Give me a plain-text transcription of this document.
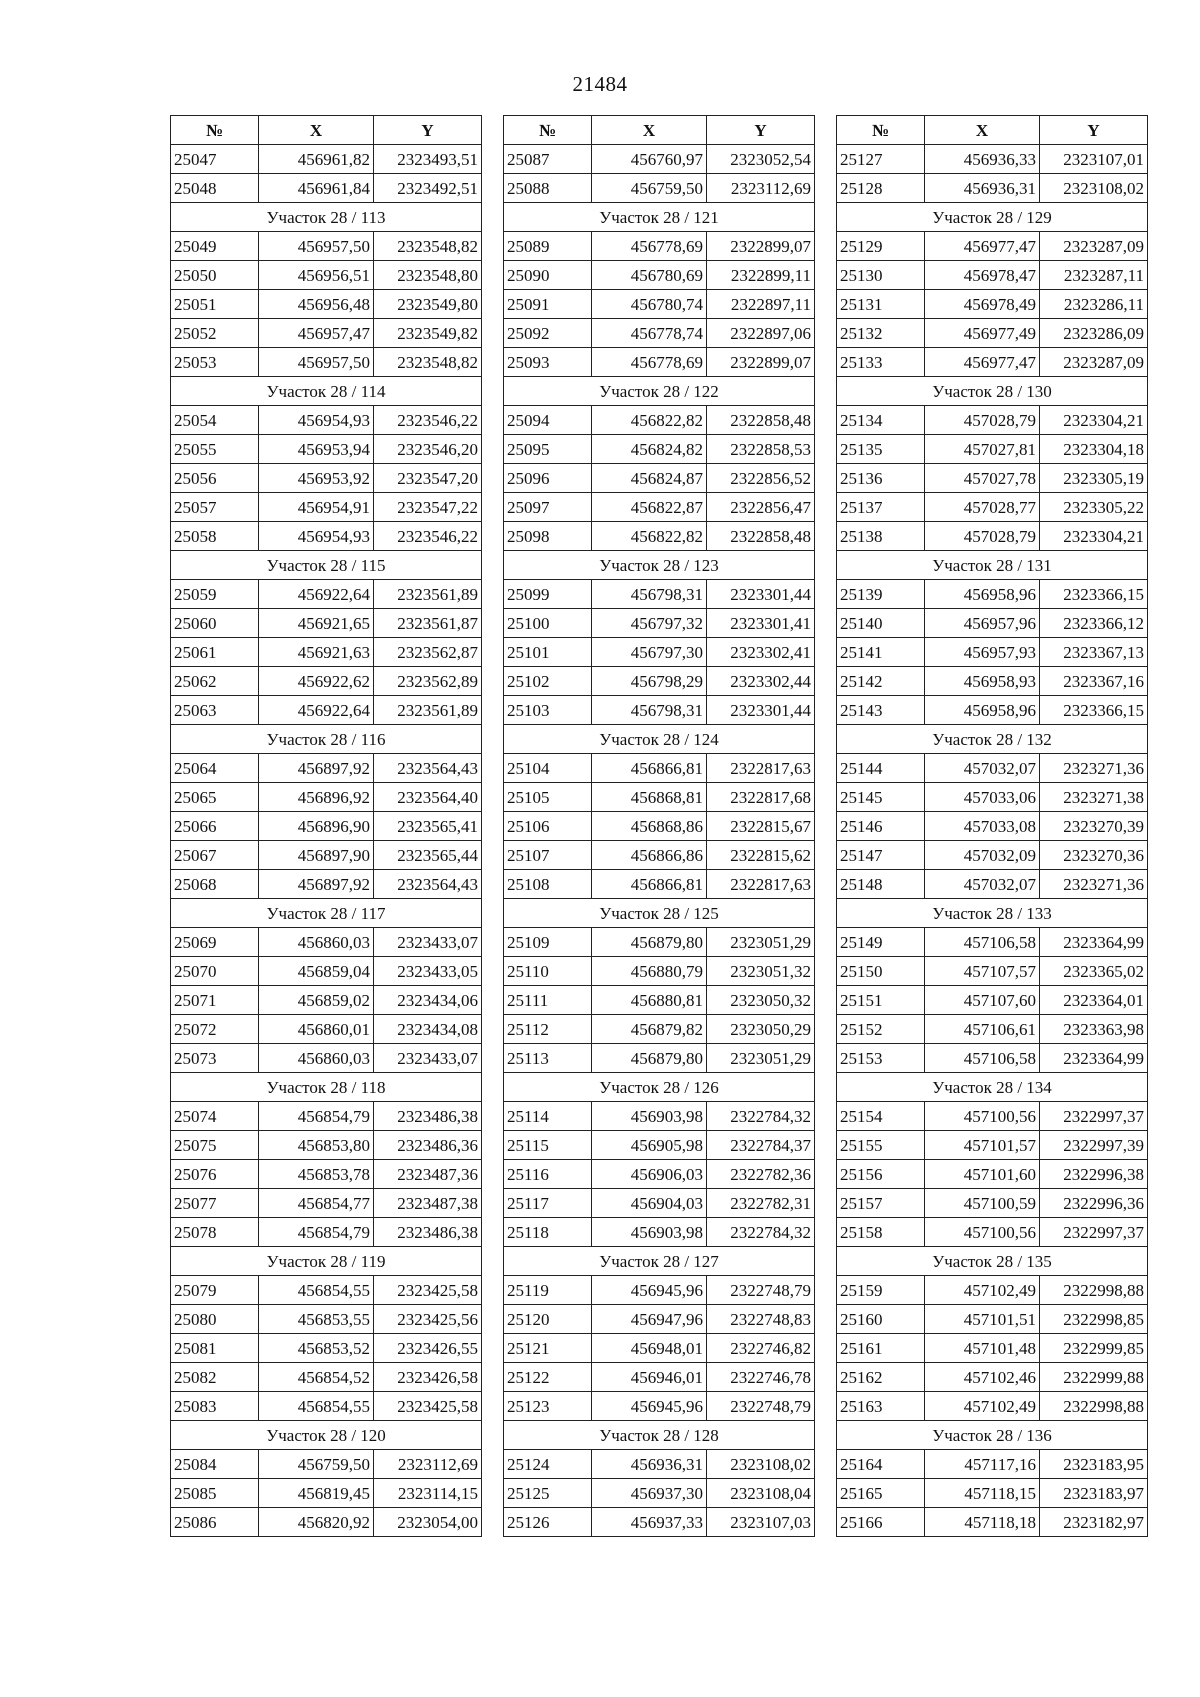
21484
№	X	Y
25047	456961,82	2323493,51
25048	456961,84	2323492,51
Участок 28 / 113		
25049	456957,50	2323548,82
25050	456956,51	2323548,80
25051	456956,48	2323549,80
25052	456957,47	2323549,82
25053	456957,50	2323548,82
Участок 28 / 114		
25054	456954,93	2323546,22
25055	456953,94	2323546,20
25056	456953,92	2323547,20
25057	456954,91	2323547,22
25058	456954,93	2323546,22
Участок 28 / 115		
25059	456922,64	2323561,89
25060	456921,65	2323561,87
25061	456921,63	2323562,87
25062	456922,62	2323562,89
25063	456922,64	2323561,89
Участок 28 / 116		
25064	456897,92	2323564,43
25065	456896,92	2323564,40
25066	456896,90	2323565,41
25067	456897,90	2323565,44
25068	456897,92	2323564,43
Участок 28 / 117		
25069	456860,03	2323433,07
25070	456859,04	2323433,05
25071	456859,02	2323434,06
25072	456860,01	2323434,08
25073	456860,03	2323433,07
Участок 28 / 118		
25074	456854,79	2323486,38
25075	456853,80	2323486,36
25076	456853,78	2323487,36
25077	456854,77	2323487,38
25078	456854,79	2323486,38
Участок 28 / 119		
25079	456854,55	2323425,58
25080	456853,55	2323425,56
25081	456853,52	2323426,55
25082	456854,52	2323426,58
25083	456854,55	2323425,58
Участок 28 / 120		
25084	456759,50	2323112,69
25085	456819,45	2323114,15
25086	456820,92	2323054,00
№	X	Y
25087	456760,97	2323052,54
25088	456759,50	2323112,69
Участок 28 / 121		
25089	456778,69	2322899,07
25090	456780,69	2322899,11
25091	456780,74	2322897,11
25092	456778,74	2322897,06
25093	456778,69	2322899,07
Участок 28 / 122		
25094	456822,82	2322858,48
25095	456824,82	2322858,53
25096	456824,87	2322856,52
25097	456822,87	2322856,47
25098	456822,82	2322858,48
Участок 28 / 123		
25099	456798,31	2323301,44
25100	456797,32	2323301,41
25101	456797,30	2323302,41
25102	456798,29	2323302,44
25103	456798,31	2323301,44
Участок 28 / 124		
25104	456866,81	2322817,63
25105	456868,81	2322817,68
25106	456868,86	2322815,67
25107	456866,86	2322815,62
25108	456866,81	2322817,63
Участок 28 / 125		
25109	456879,80	2323051,29
25110	456880,79	2323051,32
25111	456880,81	2323050,32
25112	456879,82	2323050,29
25113	456879,80	2323051,29
Участок 28 / 126		
25114	456903,98	2322784,32
25115	456905,98	2322784,37
25116	456906,03	2322782,36
25117	456904,03	2322782,31
25118	456903,98	2322784,32
Участок 28 / 127		
25119	456945,96	2322748,79
25120	456947,96	2322748,83
25121	456948,01	2322746,82
25122	456946,01	2322746,78
25123	456945,96	2322748,79
Участок 28 / 128		
25124	456936,31	2323108,02
25125	456937,30	2323108,04
25126	456937,33	2323107,03
№	X	Y
25127	456936,33	2323107,01
25128	456936,31	2323108,02
Участок 28 / 129		
25129	456977,47	2323287,09
25130	456978,47	2323287,11
25131	456978,49	2323286,11
25132	456977,49	2323286,09
25133	456977,47	2323287,09
Участок 28 / 130		
25134	457028,79	2323304,21
25135	457027,81	2323304,18
25136	457027,78	2323305,19
25137	457028,77	2323305,22
25138	457028,79	2323304,21
Участок 28 / 131		
25139	456958,96	2323366,15
25140	456957,96	2323366,12
25141	456957,93	2323367,13
25142	456958,93	2323367,16
25143	456958,96	2323366,15
Участок 28 / 132		
25144	457032,07	2323271,36
25145	457033,06	2323271,38
25146	457033,08	2323270,39
25147	457032,09	2323270,36
25148	457032,07	2323271,36
Участок 28 / 133		
25149	457106,58	2323364,99
25150	457107,57	2323365,02
25151	457107,60	2323364,01
25152	457106,61	2323363,98
25153	457106,58	2323364,99
Участок 28 / 134		
25154	457100,56	2322997,37
25155	457101,57	2322997,39
25156	457101,60	2322996,38
25157	457100,59	2322996,36
25158	457100,56	2322997,37
Участок 28 / 135		
25159	457102,49	2322998,88
25160	457101,51	2322998,85
25161	457101,48	2322999,85
25162	457102,46	2322999,88
25163	457102,49	2322998,88
Участок 28 / 136		
25164	457117,16	2323183,95
25165	457118,15	2323183,97
25166	457118,18	2323182,97
